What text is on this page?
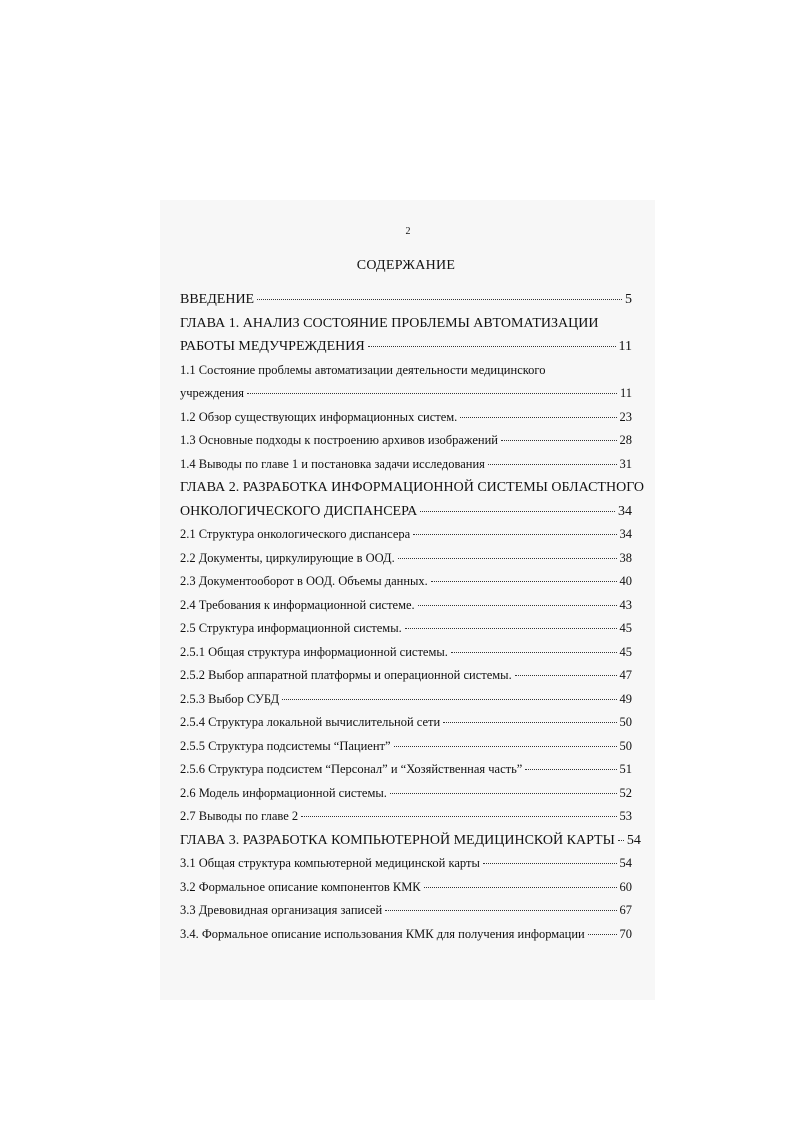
2
СОДЕРЖАНИЕ
ВВЕДЕНИЕ	5
ГЛАВА 1. АНАЛИЗ СОСТОЯНИЕ ПРОБЛЕМЫ АВТОМАТИЗАЦИИ
РАБОТЫ МЕДУЧРЕЖДЕНИЯ	11
1.1 Состояние проблемы автоматизации деятельности медицинского
учреждения	11
1.2 Обзор существующих информационных систем.	23
1.3 Основные подходы к построению архивов изображений	28
1.4 Выводы по главе 1 и постановка задачи исследования	31
ГЛАВА 2. РАЗРАБОТКА ИНФОРМАЦИОННОЙ СИСТЕМЫ ОБЛАСТНОГО
ОНКОЛОГИЧЕСКОГО ДИСПАНСЕРА	34
2.1 Структура онкологического диспансера	34
2.2 Документы, циркулирующие в ООД.	38
2.3 Документооборот в ООД. Объемы данных.	40
2.4 Требования к информационной системе.	43
2.5 Структура информационной системы.	45
2.5.1 Общая структура информационной системы.	45
2.5.2 Выбор аппаратной платформы и операционной системы.	47
2.5.3 Выбор СУБД	49
2.5.4 Структура локальной вычислительной сети	50
2.5.5 Структура подсистемы “Пациент”	50
2.5.6 Структура подсистем “Персонал” и “Хозяйственная часть”	51
2.6 Модель информационной системы.	52
2.7 Выводы по главе 2	53
ГЛАВА 3. РАЗРАБОТКА КОМПЬЮТЕРНОЙ МЕДИЦИНСКОЙ КАРТЫ 54
3.1 Общая структура компьютерной медицинской карты	54
3.2 Формальное описание компонентов КМК	60
3.3 Древовидная организация записей	67
3.4. Формальное описание использования КМК для получения информации	70
